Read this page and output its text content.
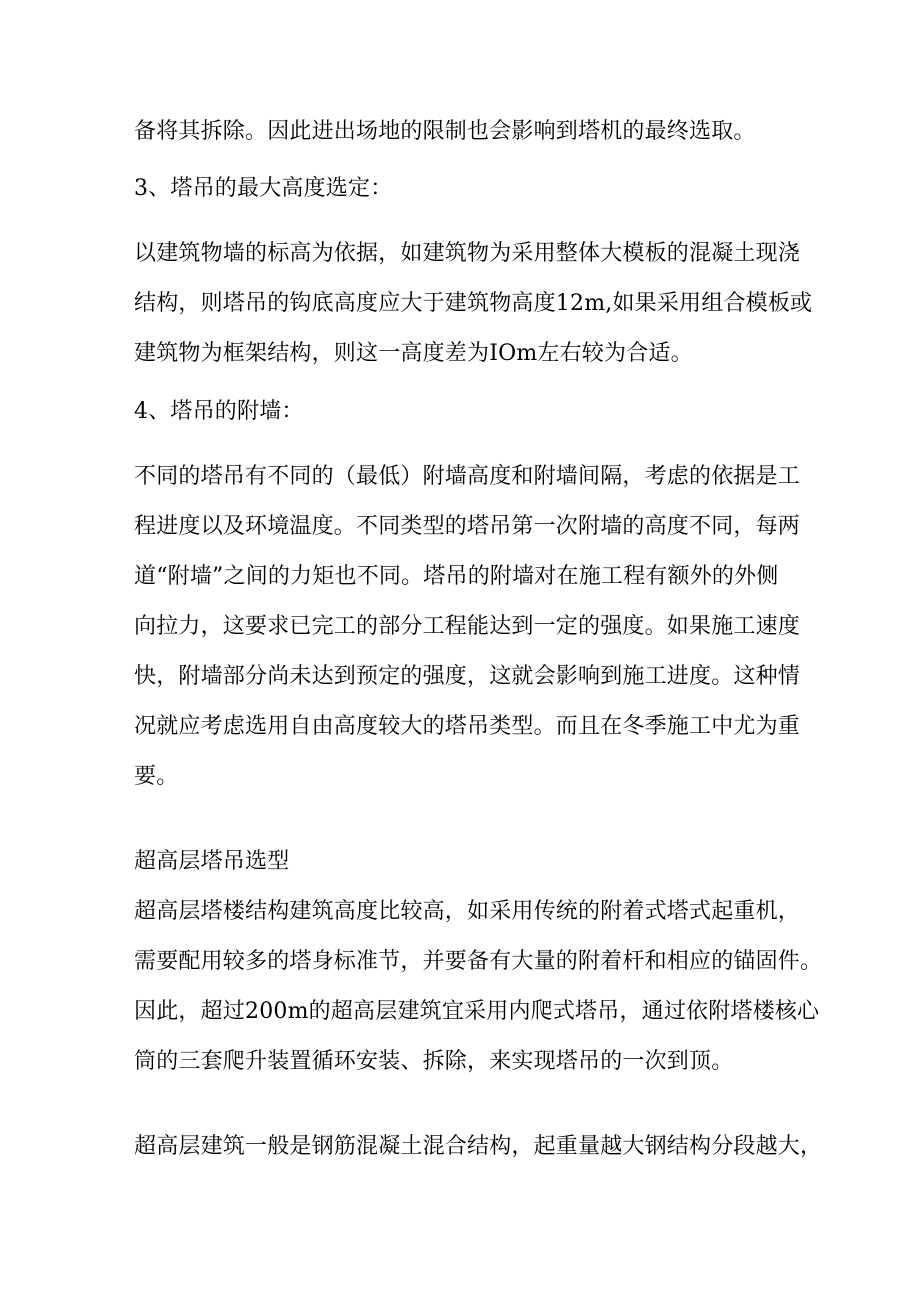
备将其拆除。因此进出场地的限制也会影响到塔机的最终选取。
3、塔吊的最大高度选定：
以建筑物墙的标高为依据，如建筑物为采用整体大模板的混凝土现浇
结构，则塔吊的钩底高度应大于建筑物高度12m,如果采用组合模板或
建筑物为框架结构，则这一高度差为IOm左右较为合适。
4、塔吊的附墙：
不同的塔吊有不同的（最低）附墙高度和附墙间隔，考虑的依据是工
程进度以及环境温度。不同类型的塔吊第一次附墙的高度不同，每两
道“附墙”之间的力矩也不同。塔吊的附墙对在施工程有额外的外侧
向拉力，这要求已完工的部分工程能达到一定的强度。如果施工速度
快，附墙部分尚未达到预定的强度，这就会影响到施工进度。这种情
况就应考虑选用自由高度较大的塔吊类型。而且在冬季施工中尤为重
要。
超高层塔吊选型
超高层塔楼结构建筑高度比较高，如采用传统的附着式塔式起重机，
需要配用较多的塔身标准节，并要备有大量的附着杆和相应的锚固件。
因此，超过200m的超高层建筑宜采用内爬式塔吊，通过依附塔楼核心
筒的三套爬升装置循环安装、拆除，来实现塔吊的一次到顶。
超高层建筑一般是钢筋混凝土混合结构，起重量越大钢结构分段越大，
